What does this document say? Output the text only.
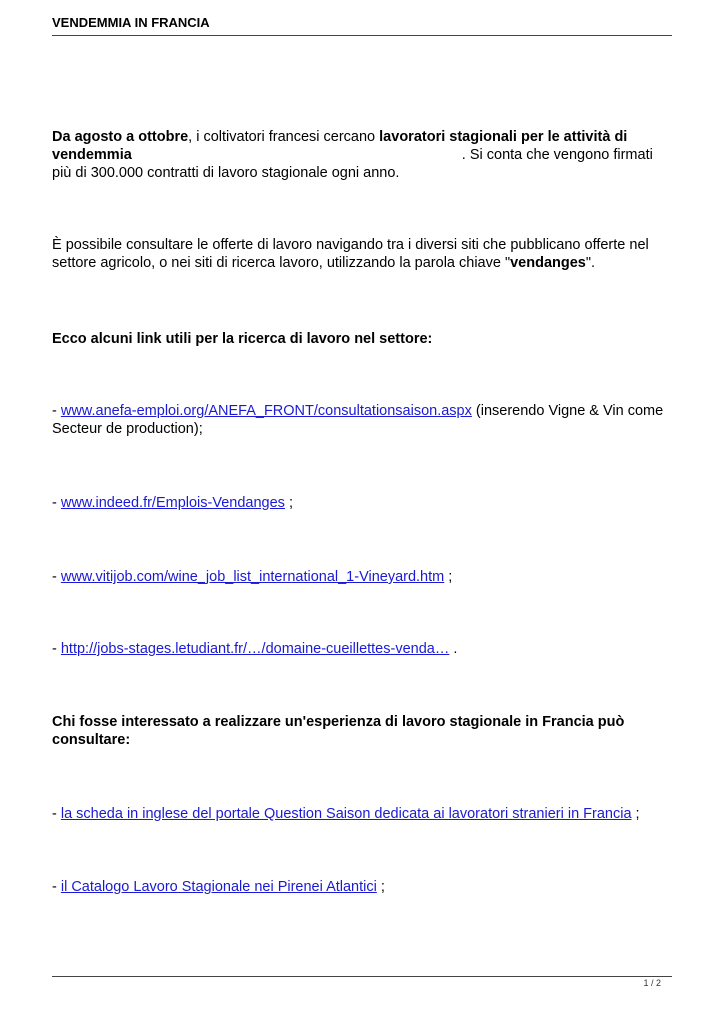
VENDEMMIA IN FRANCIA

Da agosto a ottobre, i coltivatori francesi cercano lavoratori stagionali per le attività di vendemmia	. Si conta che vengono firmati più di 300.000 contratti di lavoro stagionale ogni anno.

È possibile consultare le offerte di lavoro navigando tra i diversi siti che pubblicano offerte nel settore agricolo, o nei siti di ricerca lavoro, utilizzando la parola chiave "vendanges".

Ecco alcuni link utili per la ricerca di lavoro nel settore:

- www.anefa-emploi.org/ANEFA_FRONT/consultationsaison.aspx (inserendo Vigne & Vin come Secteur de production);

- www.indeed.fr/Emplois-Vendanges ;

- www.vitijob.com/wine_job_list_international_1-Vineyard.htm ;

- http://jobs-stages.letudiant.fr/…/domaine-cueillettes-venda… .

Chi fosse interessato a realizzare un'esperienza di lavoro stagionale in Francia può consultare:

- la scheda in inglese del portale Question Saison dedicata ai lavoratori stranieri in Francia ;

- il Catalogo Lavoro Stagionale nei Pirenei Atlantici ;

1 / 2
